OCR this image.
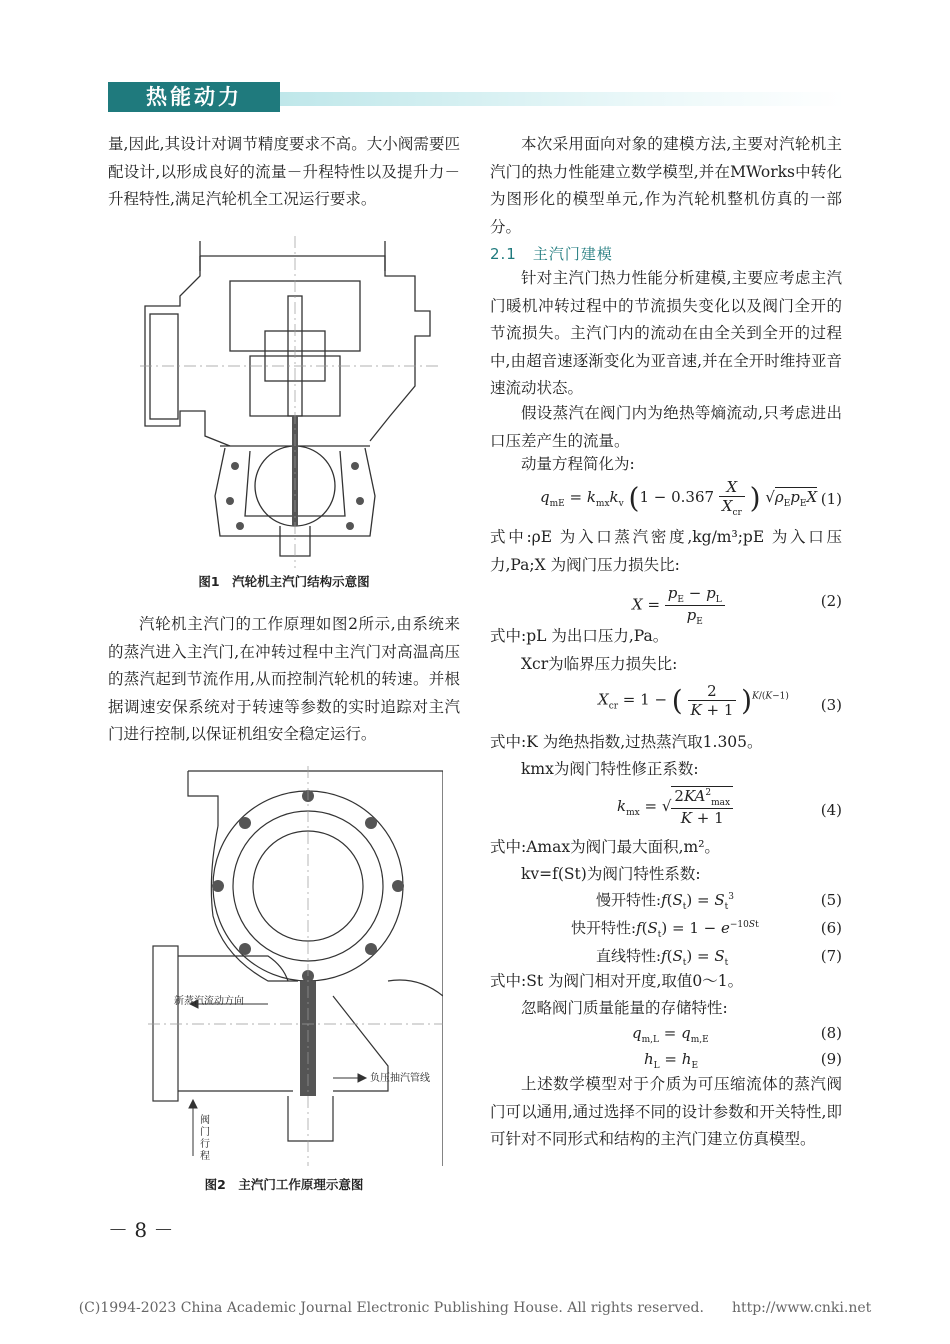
热能动力
量,因此,其设计对调节精度要求不高。大小阀需要匹配设计,以形成良好的流量－升程特性以及提升力－升程特性,满足汽轮机全工况运行要求。
图1　汽轮机主汽门结构示意图
汽轮机主汽门的工作原理如图2所示,由系统来的蒸汽进入主汽门,在冲转过程中主汽门对高温高压的蒸汽起到节流作用,从而控制汽轮机的转速。并根据调速安保系统对于转速等参数的实时追踪对主汽门进行控制,以保证机组安全稳定运行。
新蒸汽流动方向
负压抽汽管线
阀门行程
图2　主汽门工作原理示意图
本次采用面向对象的建模方法,主要对汽轮机主汽门的热力性能建立数学模型,并在MWorks中转化为图形化的模型单元,作为汽轮机整机仿真的一部分。
2.1　主汽门建模
针对主汽门热力性能分析建模,主要应考虑主汽门暖机冲转过程中的节流损失变化以及阀门全开的节流损失。主汽门内的流动在由全关到全开的过程中,由超音速逐渐变化为亚音速,并在全开时维持亚音速流动状态。
假设蒸汽在阀门内为绝热等熵流动,只考虑进出口压差产生的流量。
动量方程简化为:
$q_{mE} = k_{mx}k_v$ ($1 - 0.367 \frac{X}{X_{cr}}$ ) $√\rho_Ep_EX$ (1)
式中:ρE 为入口蒸汽密度,kg/m³;pE 为入口压力,Pa;X 为阀门压力损失比:
$X = \frac{p_E - p_L}{p_E}$	(2)
式中:pL 为出口压力,Pa。
Xcr为临界压力损失比:
$X_{cr} = 1$ − ( $\frac{2}{K + 1} )^{K/(K-1)}$ (3)
式中:K 为绝热指数,过热蒸汽取1.305。
kmx为阀门特性修正系数:
$k_{mx}$ = √ $\frac{2KA^2_{max}}{K + 1}$	(4)
式中:Amax为阀门最大面积,m²。
kv=f(St)为阀门特性系数:
慢开特性$:f(S_t) = S_t^3$	(5)
快开特性$:f(S_t) = 1 - e^{-10St}$	(6)
直线特性$:f(S_t) = S_t$	(7)
式中:St 为阀门相对开度,取值0～1。
忽略阀门质量能量的存储特性:
$q_{m,L} = q_{m,E}$	(8)
$h_L = h_E$	(9)
上述数学模型对于介质为可压缩流体的蒸汽阀门可以通用,通过选择不同的设计参数和开关特性,即可针对不同形式和结构的主汽门建立仿真模型。
－ 8 －
(C)1994-2023 China Academic Journal Electronic Publishing House. All rights reserved.　　http://www.cnki.net
